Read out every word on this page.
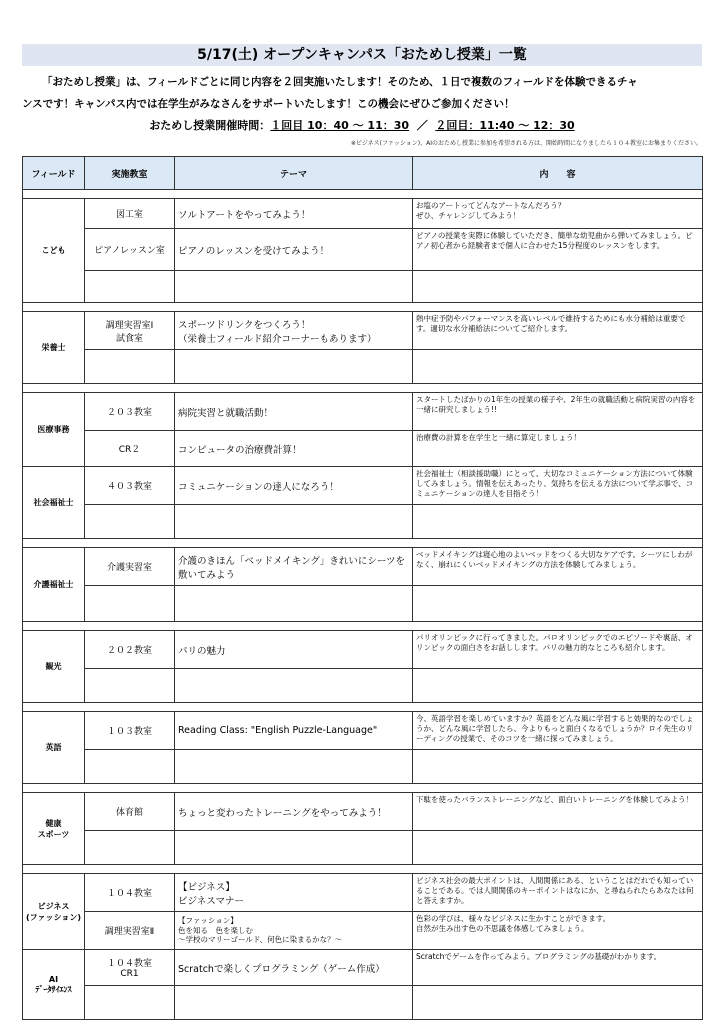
5/17(土) オープンキャンパス「おためし授業」一覧
「おためし授業」は、フィールドごとに同じ内容を２回実施いたします！そのため、１日で複数のフィールドを体験できるチャ
ンスです！キャンパス内では在学生がみなさんをサポートいたします！この機会にぜひご参加ください！
おためし授業開催時間：１回目 10：40 ～ 11：30 ／ ２回目：11:40 ～ 12：30
※ビジネス(ファッション)、AIのおためし授業に参加を希望される方は、開始時間になりましたら１０４教室にお集まりください。
フィールド	実施教室	テーマ	内　　容

こども	図工室	ソルトアートをやってみよう！	お塩のアートってどんなアートなんだろう？
ぜひ、チャレンジしてみよう！
	ピアノレッスン室	ピアノのレッスンを受けてみよう！	ピアノの授業を実際に体験していただき、簡単な幼児曲から弾いてみましょう。ピアノ初心者から経験者まで個人に合わせた15分程度のレッスンをします。

栄養士	調理実習室Ⅰ
試食室	スポーツドリンクをつくろう！
（栄養士フィールド紹介コーナーもあります）	熱中症予防やパフォーマンスを高いレベルで維持するためにも水分補給は重要です。適切な水分補給法についてご紹介します。

医療事務	２０３教室	病院実習と就職活動！	スタートしたばかりの1年生の授業の様子や、2年生の就職活動と病院実習の内容を一緒に研究しましょう!!
	CR２	コンピュータの治療費計算！	治療費の計算を在学生と一緒に算定しましょう！
社会福祉士	４０３教室	コミュニケーションの達人になろう！	社会福祉士（相談援助職）にとって、大切なコミュニケーション方法について体験してみましょう。情報を伝えあったり、気持ちを伝える方法について学ぶ事で、コミュニケーションの達人を目指そう！

介護福祉士	介護実習室	介護のきほん「ベッドメイキング」きれいにシーツを敷いてみよう	ベッドメイキングは寝心地のよいベッドをつくる大切なケアです。シーツにしわがなく、崩れにくいベッドメイキングの方法を体験してみましょう。

観光	２０２教室	パリの魅力	パリオリンピックに行ってきました。パロオリンピックでのエピソードや裏話、オリンピックの面白さをお話しします。パリの魅力的なところも紹介します。

英語	１０３教室	Reading Class: "English Puzzle-Language"	今、英語学習を楽しめていますか？英語をどんな風に学習すると効果的なのでしょうか、どんな風に学習したら、今よりもっと面白くなるでしょうか？ロイ先生のリーディングの授業で、そのコツを一緒に探ってみましょう。

健康
スポーツ	体育館	ちょっと変わったトレーニングをやってみよう！	下駄を使ったバランストレーニングなど、面白いトレーニングを体験してみよう！

ビジネス
(ファッション)	１０４教室	【ビジネス】
ビジネスマナー	ビジネス社会の最大ポイントは、人間関係にある、ということはだれでも知っていることである。では人間関係のキーポイントはなにか、と尋ねられたらあなたは何と答えますか。
	調理実習室Ⅱ	【ファッション】
色を知る　色を楽しむ
～学校のマリーゴールド、何色に染まるかな？～	色彩の学びは、様々なビジネスに生かすことができます。
自然が生み出す色の不思議を体感してみましょう。
AI
ﾃﾞｰﾀｻｲｴﾝｽ	１０４教室
CR1	Scratchで楽しくプログラミング（ゲーム作成）	Scratchでゲームを作ってみよう。プログラミングの基礎がわかります。
